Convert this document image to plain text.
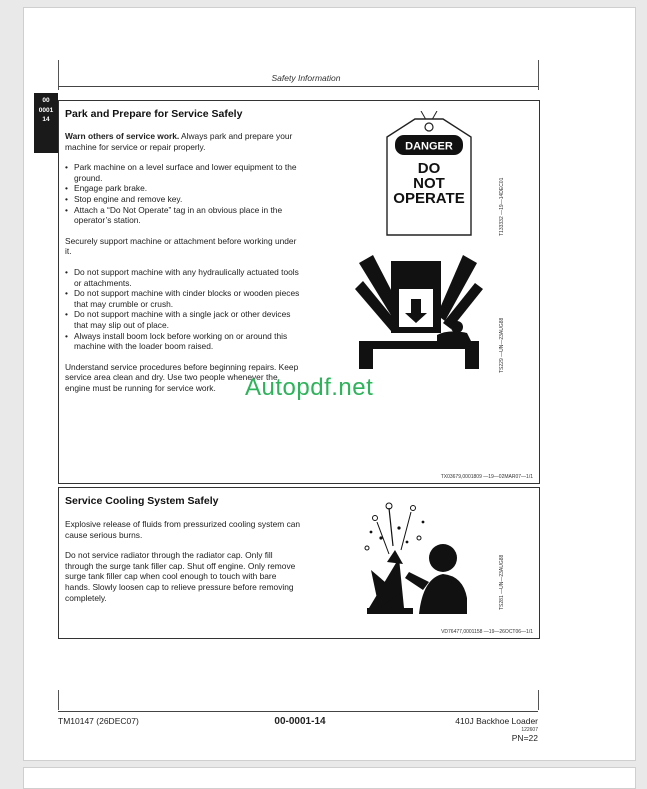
Safety Information
00
0001
14	Park and Prepare for Service Safely

Warn others of service work. Always park and prepare your machine for service or repair properly.

• Park machine on a level surface and lower equipment to the ground.
• Engage park brake.
• Stop engine and remove key.
• Attach a “Do Not Operate” tag in an obvious place in the operator’s station.

Securely support machine or attachment before working under it.

• Do not support machine with any hydraulically actuated tools or attachments.
• Do not support machine with cinder blocks or wooden pieces that may crumble or crush.
• Do not support machine with a single jack or other devices that may slip out of place.
• Always install boom lock before working on or around this machine with the loader boom raised.

Understand service procedures before beginning repairs. Keep service area clean and dry. Use two people whenever the engine must be running for service work.

DANGER
DO
NOT
OPERATE	T133332 —19—14DEC01
TS229 —UN—23AUG88
TX03679,0001809 —19—02MAR07—1/1
Service Cooling System Safely

Explosive release of fluids from pressurized cooling system can cause serious burns.

Do not service radiator through the radiator cap. Only fill through the surge tank filler cap. Shut off engine. Only remove surge tank filler cap when cool enough to touch with bare hands. Slowly loosen cap to relieve pressure before removing completely.	TS281 —UN—23AUG88
VD76477,0001158 —19—26OCT06—1/1
Autopdf.net
TM10147 (26DEC07)	00-0001-14	410J Backhoe Loader
122607
PN=22
